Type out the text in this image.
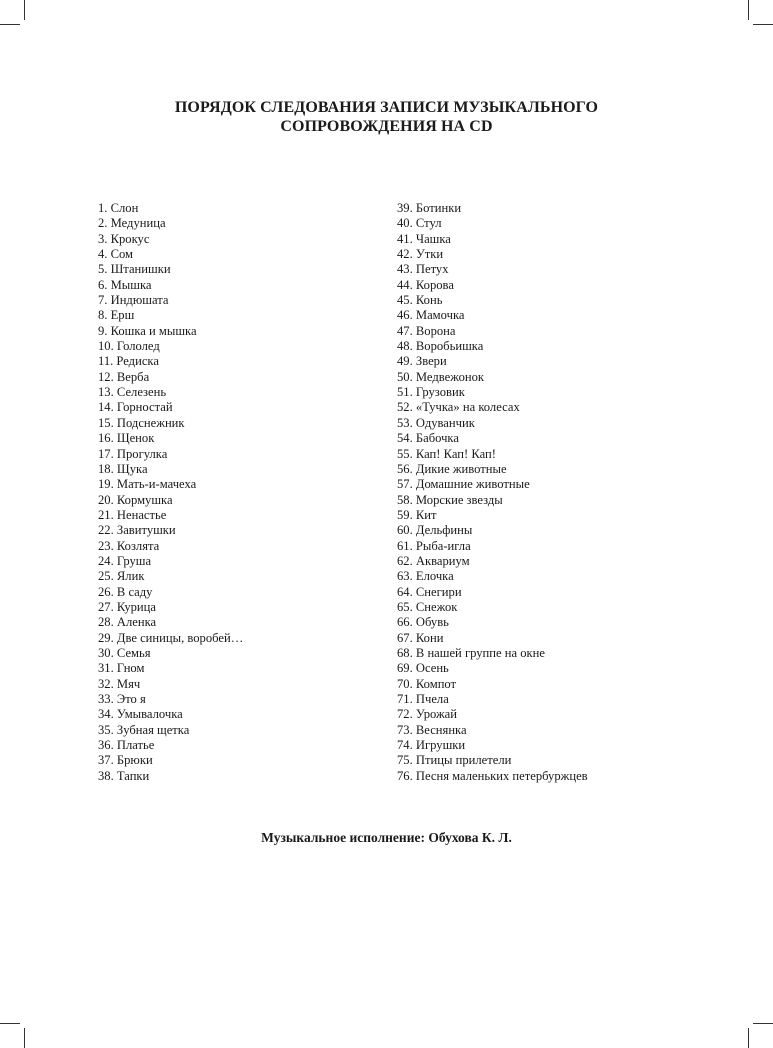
ПОРЯДОК СЛЕДОВАНИЯ ЗАПИСИ МУЗЫКАЛЬНОГО
СОПРОВОЖДЕНИЯ НА CD
1. Слон
2. Медуница
3. Крокус
4. Сом
5. Штанишки
6. Мышка
7. Индюшата
8. Ерш
9. Кошка и мышка
10. Гололед
11. Редиска
12. Верба
13. Селезень
14. Горностай
15. Подснежник
16. Щенок
17. Прогулка
18. Щука
19. Мать-и-мачеха
20. Кормушка
21. Ненастье
22. Завитушки
23. Козлята
24. Груша
25. Ялик
26. В саду
27. Курица
28. Аленка
29. Две синицы, воробей…
30. Семья
31. Гном
32. Мяч
33. Это я
34. Умывалочка
35. Зубная щетка
36. Платье
37. Брюки
38. Тапки
39. Ботинки
40. Стул
41. Чашка
42. Утки
43. Петух
44. Корова
45. Конь
46. Мамочка
47. Ворона
48. Воробьишка
49. Звери
50. Медвежонок
51. Грузовик
52. «Тучка» на колесах
53. Одуванчик
54. Бабочка
55. Кап! Кап! Кап!
56. Дикие животные
57. Домашние животные
58. Морские звезды
59. Кит
60. Дельфины
61. Рыба-игла
62. Аквариум
63. Елочка
64. Снегири
65. Снежок
66. Обувь
67. Кони
68. В нашей группе на окне
69. Осень
70. Компот
71. Пчела
72. Урожай
73. Веснянка
74. Игрушки
75. Птицы прилетели
76. Песня маленьких петербуржцев
Музыкальное исполнение: Обухова К. Л.
